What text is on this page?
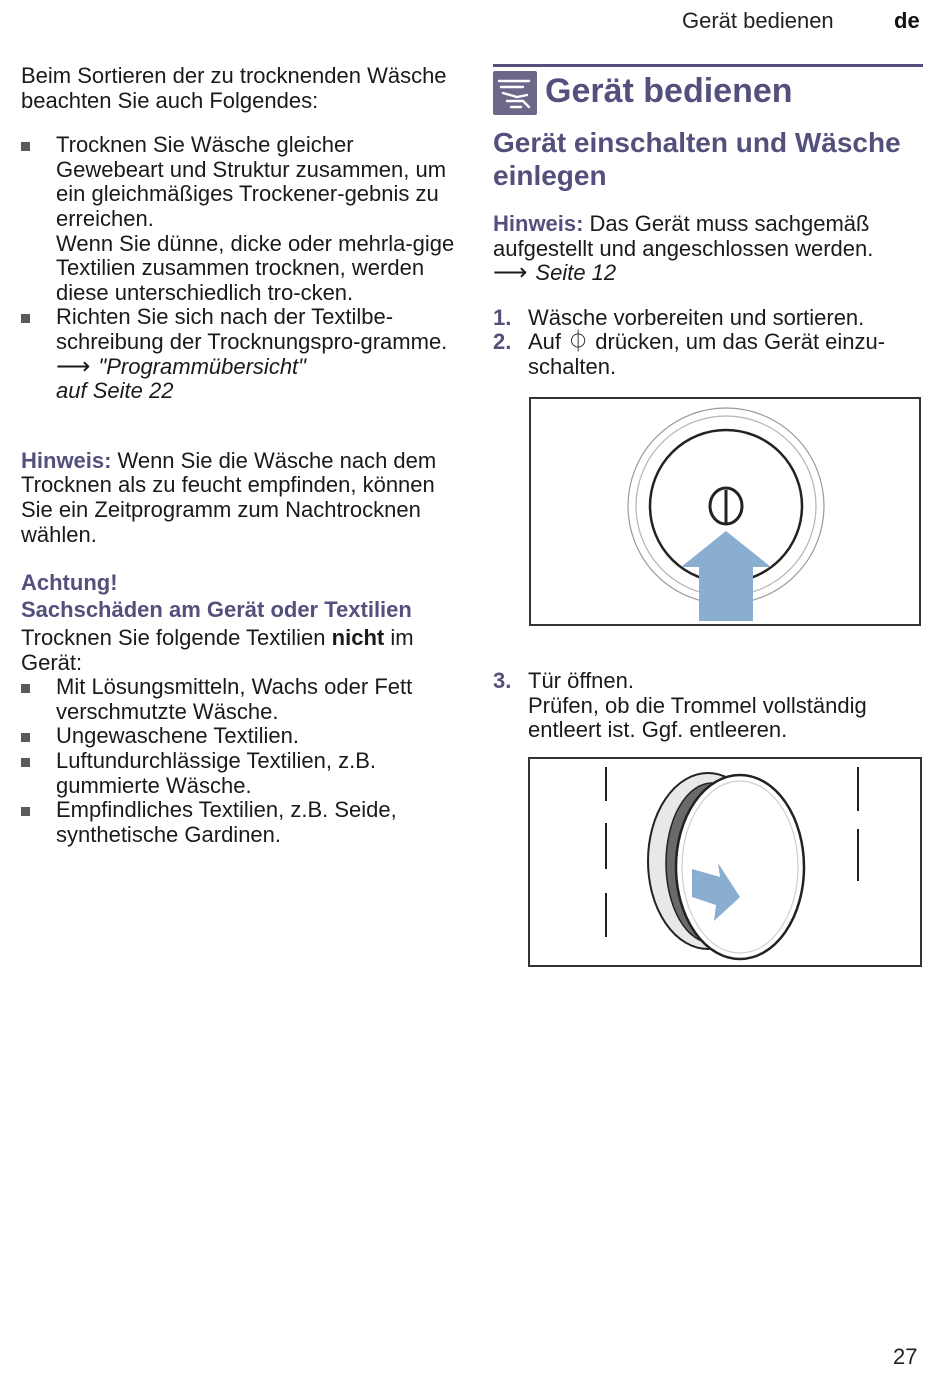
Gerät bedienen	de

Beim Sortieren der zu trocknenden Wäsche beachten Sie auch Folgendes:

Trocknen Sie Wäsche gleicher Gewebeart und Struktur zusammen, um ein gleichmäßiges Trockener-gebnis zu erreichen.
Wenn Sie dünne, dicke oder mehrla-gige Textilien zusammen trocknen, werden diese unterschiedlich tro-cken.
Richten Sie sich nach der Textilbe-schreibung der Trocknungspro-gramme.
⟶ "Programmübersicht"
auf Seite 22

Hinweis: Wenn Sie die Wäsche nach dem Trocknen als zu feucht empfinden, können Sie ein Zeitprogramm zum Nachtrocknen wählen.

Achtung!

Sachschäden am Gerät oder Textilien

Trocknen Sie folgende Textilien nicht im Gerät:

Mit Lösungsmitteln, Wachs oder Fett verschmutzte Wäsche.
Ungewaschene Textilien.
Luftundurchlässige Textilien, z.B. gummierte Wäsche.
Empfindliches Textilien, z.B. Seide, synthetische Gardinen.
Gerät bedienen

Gerät einschalten und Wäsche einlegen

Hinweis: Das Gerät muss sachgemäß aufgestellt und angeschlossen werden.
⟶ Seite 12

1. Wäsche vorbereiten und sortieren.
2. Auf ⏀ drücken, um das Gerät einzu-schalten.
3. Tür öffnen.
Prüfen, ob die Trommel vollständig entleert ist. Ggf. entleeren.
27
